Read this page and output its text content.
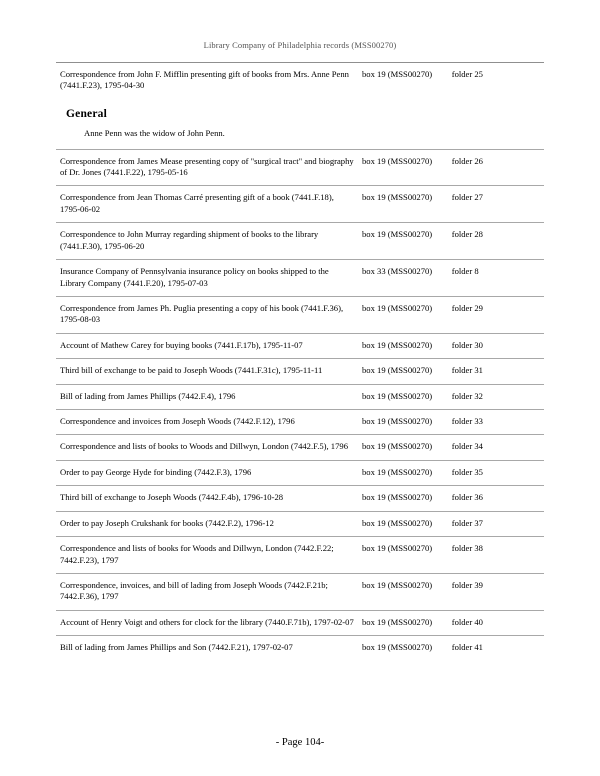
Library Company of Philadelphia records (MSS00270)
Correspondence from John F. Mifflin presenting gift of books from Mrs. Anne Penn (7441.F.23), 1795-04-30	box 19 (MSS00270)	folder 25
General		
Anne Penn was the widow of John Penn.		
Correspondence from James Mease presenting copy of "surgical tract" and biography of Dr. Jones (7441.F.22), 1795-05-16	box 19 (MSS00270)	folder 26
Correspondence from Jean Thomas Carré presenting gift of a book (7441.F.18), 1795-06-02	box 19 (MSS00270)	folder 27
Correspondence to John Murray regarding shipment of books to the library (7441.F.30), 1795-06-20	box 19 (MSS00270)	folder 28
Insurance Company of Pennsylvania insurance policy on books shipped to the Library Company (7441.F.20), 1795-07-03	box 33 (MSS00270)	folder 8
Correspondence from James Ph. Puglia presenting a copy of his book (7441.F.36), 1795-08-03	box 19 (MSS00270)	folder 29
Account of Mathew Carey for buying books (7441.F.17b), 1795-11-07	box 19 (MSS00270)	folder 30
Third bill of exchange to be paid to Joseph Woods (7441.F.31c), 1795-11-11	box 19 (MSS00270)	folder 31
Bill of lading from James Phillips (7442.F.4), 1796	box 19 (MSS00270)	folder 32
Correspondence and invoices from Joseph Woods (7442.F.12), 1796	box 19 (MSS00270)	folder 33
Correspondence and lists of books to Woods and Dillwyn, London (7442.F.5), 1796	box 19 (MSS00270)	folder 34
Order to pay George Hyde for binding (7442.F.3), 1796	box 19 (MSS00270)	folder 35
Third bill of exchange to Joseph Woods (7442.F.4b), 1796-10-28	box 19 (MSS00270)	folder 36
Order to pay Joseph Crukshank for books (7442.F.2), 1796-12	box 19 (MSS00270)	folder 37
Correspondence and lists of books for Woods and Dillwyn, London (7442.F.22; 7442.F.23), 1797	box 19 (MSS00270)	folder 38
Correspondence, invoices, and bill of lading from Joseph Woods (7442.F.21b; 7442.F.36), 1797	box 19 (MSS00270)	folder 39
Account of Henry Voigt and others for clock for the library (7440.F.71b), 1797-02-07	box 19 (MSS00270)	folder 40
Bill of lading from James Phillips and Son (7442.F.21), 1797-02-07	box 19 (MSS00270)	folder 41
- Page 104-
